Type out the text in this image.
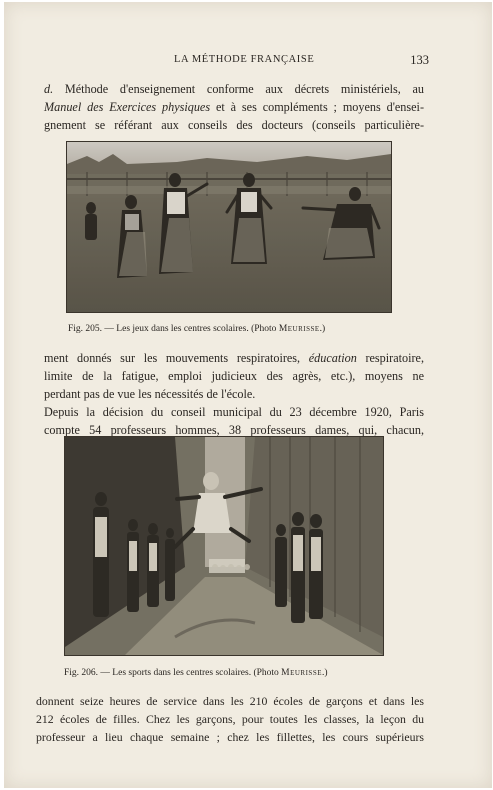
LA MÉTHODE FRANÇAISE	133
d. Méthode d'enseignement conforme aux décrets ministériels, au
Manuel des Exercices physiques et à ses compléments ; moyens d'ensei-
gnement se référant aux conseils des docteurs (conseils particulière-
Fig. 205. — Les jeux dans les centres scolaires. (Photo Meurisse.)
ment donnés sur les mouvements respiratoires, éducation respiratoire,
limite de la fatigue, emploi judicieux des agrès, etc.), moyens ne
perdant pas de vue les nécessités de l'école.
Depuis la décision du conseil municipal du 23 décembre 1920, Paris
compte 54 professeurs hommes, 38 professeurs dames, qui, chacun,
Fig. 206. — Les sports dans les centres scolaires. (Photo Meurisse.)
donnent seize heures de service dans les 210 écoles de garçons et dans les
212 écoles de filles. Chez les garçons, pour toutes les classes, la leçon du
professeur a lieu chaque semaine ; chez les fillettes, les cours supérieurs
